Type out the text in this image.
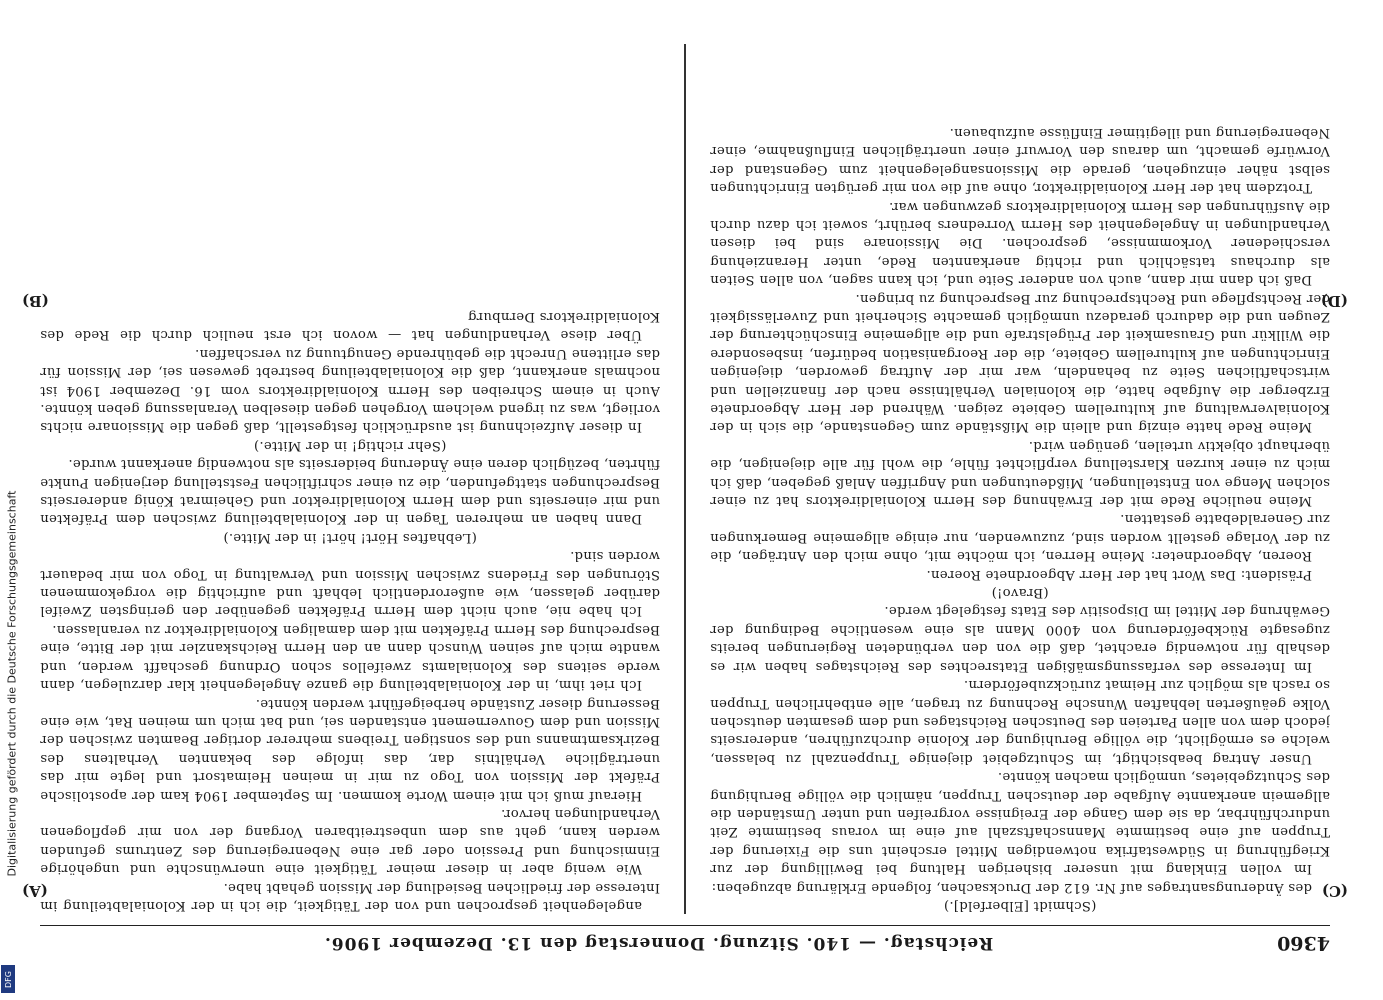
Digitalisierung gefördert durch die Deutsche Forschungsgemeinschaft
DFG
4360
Reichstag. — 140. Sitzung. Donnerstag den 13. Dezember 1906.

(Schmidt [Elberfeld].)

des Änderungsantrages auf Nr. 612 der Drucksachen, folgende Erklärung abzugeben:

Im vollen Einklang mit unserer bisherigen Haltung bei Bewilligung der zur Kriegführung in Südwestafrika notwendigen Mittel erscheint uns die Fixierung der Truppen auf eine bestimmte Mannschaftszahl auf eine im voraus bestimmte Zeit undurchführbar, da sie dem Gange der Ereignisse vorgreifen und unter Umständen die allgemein anerkannte Aufgabe der deutschen Truppen, nämlich die völlige Beruhigung des Schutzgebietes, unmöglich machen könnte.

Unser Antrag beabsichtigt, im Schutzgebiet diejenige Truppenzahl zu belassen, welche es ermöglicht, die völlige Beruhigung der Kolonie durchzuführen, andererseits jedoch dem von allen Parteien des Deutschen Reichstages und dem gesamten deutschen Volke geäußerten lebhaften Wunsche Rechnung zu tragen, alle entbehrlichen Truppen so rasch als möglich zur Heimat zurückzubefördern.

Im Interesse des verfassungsmäßigen Etatsrechtes des Reichstages haben wir es deshalb für notwendig erachtet, daß die von den verbündeten Regierungen bereits zugesagte Rückbeförderung von 4000 Mann als eine wesentliche Bedingung der Gewährung der Mittel im Dispositiv des Etats festgelegt werde.

(Bravo!)

Präsident: Das Wort hat der Herr Abgeordnete Roeren.

Roeren, Abgeordneter: Meine Herren, ich möchte mit, ohne mich den Anträgen, die zu der Vorlage gestellt worden sind, zuzuwenden, nur einige allgemeine Bemerkungen zur Generaldebatte gestatten.

Meine neuliche Rede mit der Erwähnung des Herrn Kolonialdirektors hat zu einer solchen Menge von Entstellungen, Mißdeutungen und Angriffen Anlaß gegeben, daß ich mich zu einer kurzen Klarstellung verpflichtet fühle, die wohl für alle diejenigen, die überhaupt objektiv urteilen, genügen wird.

Meine Rede hatte einzig und allein die Mißstände zum Gegenstande, die sich in der Kolonialverwaltung auf kulturellem Gebiete zeigen. Während der Herr Abgeordnete Erzberger die Aufgabe hatte, die kolonialen Verhältnisse nach der finanziellen und wirtschaftlichen Seite zu behandeln, war mir der Auftrag geworden, diejenigen Einrichtungen auf kulturellem Gebiete, die der Reorganisation bedürfen, insbesondere die Willkür und Grausamkeit der Prügelstrafe und die allgemeine Einschüchterung der Zeugen und die dadurch geradezu unmöglich gemachte Sicherheit und Zuverlässigkeit der Rechtspflege und Rechtsprechung zur Besprechung zu bringen.

Daß ich dann mir dann, auch von anderer Seite und, ich kann sagen, von allen Seiten als durchaus tatsächlich und richtig anerkannten Rede, unter Heranziehung verschiedener Vorkommnisse, gesprochen. Die Missionare sind bei diesen Verhandlungen in Angelegenheit des Herrn Vorredners berührt, soweit ich dazu durch die Ausführungen des Herrn Kolonialdirektors gezwungen war.

Trotzdem hat der Herr Kolonialdirektor, ohne auf die von mir gerügten Einrichtungen selbst näher einzugehen, gerade die Missionsangelegenheit zum Gegenstand der Vorwürfe gemacht, um daraus den Vorwurf einer unerträglichen Einflußnahme, einer Nebenregierung und illegitimer Einflüsse aufzubauen.

angelegenheit gesprochen und von der Tätigkeit, die ich in der Kolonialabteilung im Interesse der friedlichen Besiedlung der Mission gehabt habe.

Wie wenig aber in dieser meiner Tätigkeit eine unerwünschte und ungehörige Einmischung und Pression oder gar eine Nebenregierung des Zentrums gefunden werden kann, geht aus dem unbestreitbaren Vorgang der von mir gepflogenen Verhandlungen hervor.

Hierauf muß ich mit einem Worte kommen. Im September 1904 kam der apostolische Präfekt der Mission von Togo zu mir in meinen Heimatsort und legte mir das unerträgliche Verhältnis dar, das infolge des bekannten Verhaltens des Bezirksamtmanns und des sonstigen Treibens mehrerer dortiger Beamten zwischen der Mission und dem Gouvernement entstanden sei, und bat mich um meinen Rat, wie eine Besserung dieser Zustände herbeigeführt werden könnte.

Ich riet ihm, in der Kolonialabteilung die ganze Angelegenheit klar darzulegen, dann werde seitens des Kolonialamts zweifellos schon Ordnung geschafft werden, und wandte mich auf seinen Wunsch dann an den Herrn Reichskanzler mit der Bitte, eine Besprechung des Herrn Präfekten mit dem damaligen Kolonialdirektor zu veranlassen.

Ich habe nie, auch nicht dem Herrn Präfekten gegenüber den geringsten Zweifel darüber gelassen, wie außerordentlich lebhaft und aufrichtig die vorgekommenen Störungen des Friedens zwischen Mission und Verwaltung in Togo von mir bedauert worden sind.

(Lebhaftes Hört! hört! in der Mitte.)

Dann haben an mehreren Tagen in der Kolonialabteilung zwischen dem Präfekten und mir einerseits und dem Herrn Kolonialdirektor und Geheimrat König andererseits Besprechungen stattgefunden, die zu einer schriftlichen Feststellung derjenigen Punkte führten, bezüglich deren eine Änderung beiderseits als notwendig anerkannt wurde.

(Sehr richtig! in der Mitte.)

In dieser Aufzeichnung ist ausdrücklich festgestellt, daß gegen die Missionare nichts vorliegt, was zu irgend welchem Vorgehen gegen dieselben Veranlassung geben könnte. Auch in einem Schreiben des Herrn Kolonialdirektors vom 16. Dezember 1904 ist nochmals anerkannt, daß die Kolonialabteilung bestrebt gewesen sei, der Mission für das erlittene Unrecht die gebührende Genugtuung zu verschaffen.

Über diese Verhandlungen hat — wovon ich erst neulich durch die Rede des Kolonialdirektors Dernburg

(A)
(B)
(C)
(D)
